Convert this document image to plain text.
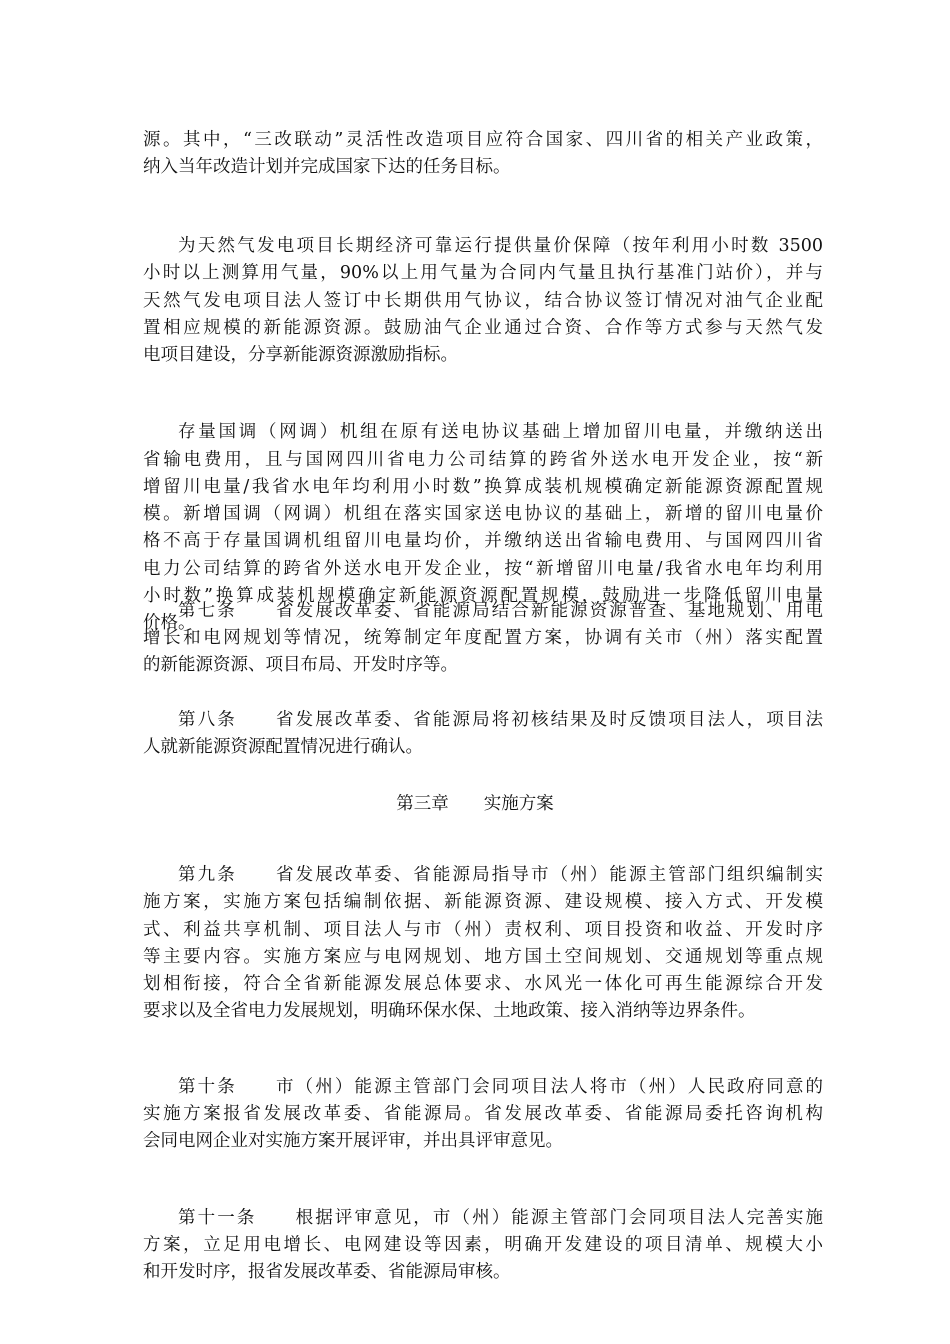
源。其中，“三改联动”灵活性改造项目应符合国家、四川省的相关产业政策，
纳入当年改造计划并完成国家下达的任务目标。
为天然气发电项目长期经济可靠运行提供量价保障（按年利用小时数 3500
小时以上测算用气量，90%以上用气量为合同内气量且执行基准门站价），并与
天然气发电项目法人签订中长期供用气协议，结合协议签订情况对油气企业配
置相应规模的新能源资源。鼓励油气企业通过合资、合作等方式参与天然气发
电项目建设，分享新能源资源激励指标。
存量国调（网调）机组在原有送电协议基础上增加留川电量，并缴纳送出
省输电费用，且与国网四川省电力公司结算的跨省外送水电开发企业，按“新
增留川电量/我省水电年均利用小时数”换算成装机规模确定新能源资源配置规
模。新增国调（网调）机组在落实国家送电协议的基础上，新增的留川电量价
格不高于存量国调机组留川电量均价，并缴纳送出省输电费用、与国网四川省
电力公司结算的跨省外送水电开发企业，按“新增留川电量/我省水电年均利用
小时数”换算成装机规模确定新能源资源配置规模，鼓励进一步降低留川电量
价格。
第七条　　省发展改革委、省能源局结合新能源资源普查、基地规划、用电
增长和电网规划等情况，统筹制定年度配置方案，协调有关市（州）落实配置
的新能源资源、项目布局、开发时序等。
第八条　　省发展改革委、省能源局将初核结果及时反馈项目法人，项目法
人就新能源资源配置情况进行确认。
第三章　　实施方案
第九条　　省发展改革委、省能源局指导市（州）能源主管部门组织编制实
施方案，实施方案包括编制依据、新能源资源、建设规模、接入方式、开发模
式、利益共享机制、项目法人与市（州）责权利、项目投资和收益、开发时序
等主要内容。实施方案应与电网规划、地方国土空间规划、交通规划等重点规
划相衔接，符合全省新能源发展总体要求、水风光一体化可再生能源综合开发
要求以及全省电力发展规划，明确环保水保、土地政策、接入消纳等边界条件。
第十条　　市（州）能源主管部门会同项目法人将市（州）人民政府同意的
实施方案报省发展改革委、省能源局。省发展改革委、省能源局委托咨询机构
会同电网企业对实施方案开展评审，并出具评审意见。
第十一条　　根据评审意见，市（州）能源主管部门会同项目法人完善实施
方案，立足用电增长、电网建设等因素，明确开发建设的项目清单、规模大小
和开发时序，报省发展改革委、省能源局审核。
